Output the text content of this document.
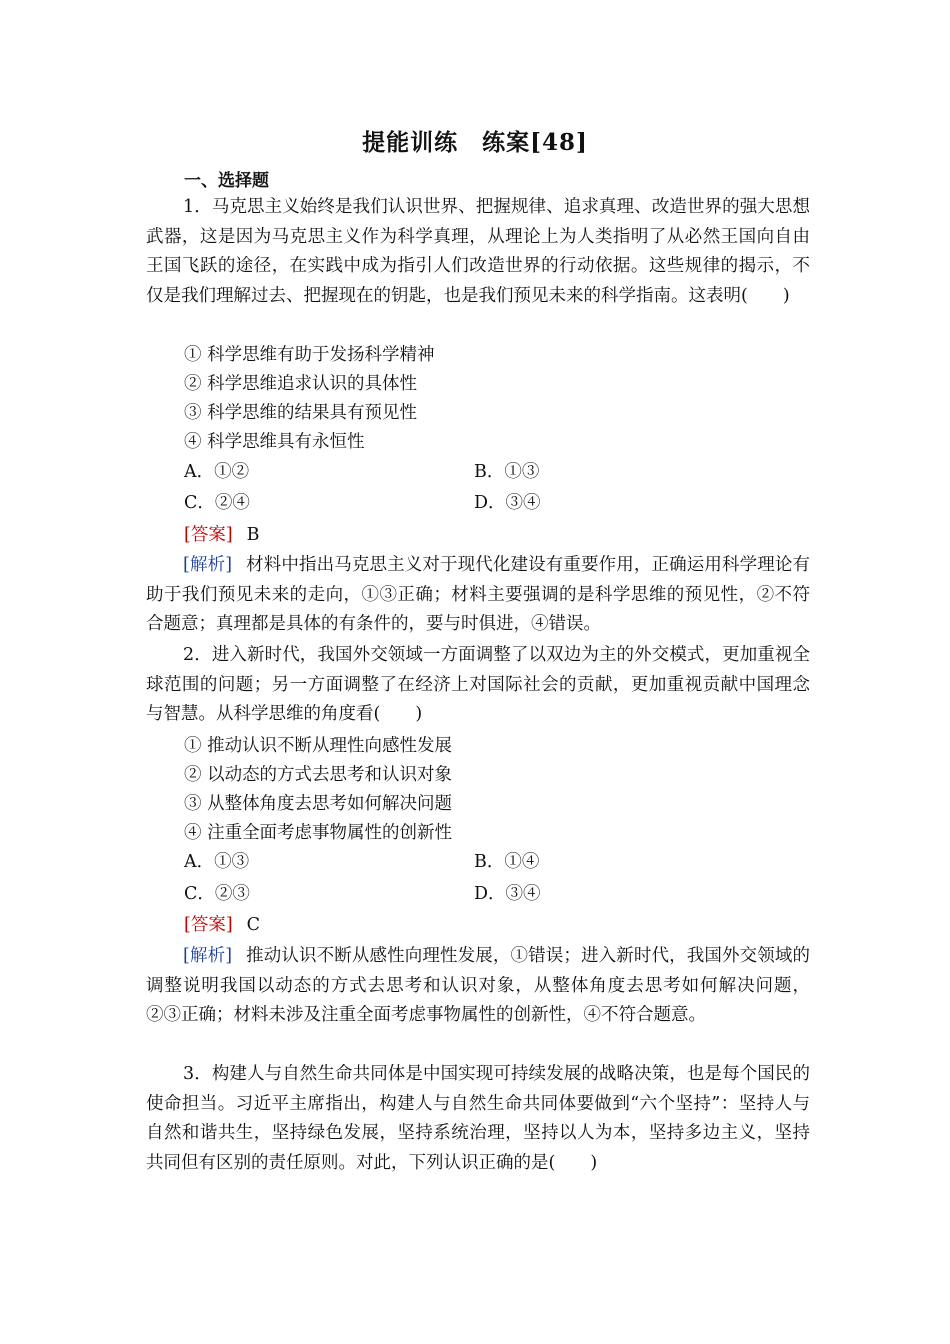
提能训练　练案[48]
一、选择题

1．马克思主义始终是我们认识世界、把握规律、追求真理、改造世界的强大思想武器，这是因为马克思主义作为科学真理，从理论上为人类指明了从必然王国向自由王国飞跃的途径，在实践中成为指引人们改造世界的行动依据。这些规律的揭示，不仅是我们理解过去、把握现在的钥匙，也是我们预见未来的科学指南。这表明(　　)

① 科学思维有助于发扬科学精神

② 科学思维追求认识的具体性

③ 科学思维的结果具有预见性

④ 科学思维具有永恒性

A．①②	B．①③
C．②④	D．③④
[答案] B

[解析] 材料中指出马克思主义对于现代化建设有重要作用，正确运用科学理论有助于我们预见未来的走向，①③正确；材料主要强调的是科学思维的预见性，②不符合题意；真理都是具体的有条件的，要与时俱进，④错误。

2．进入新时代，我国外交领域一方面调整了以双边为主的外交模式，更加重视全球范围的问题；另一方面调整了在经济上对国际社会的贡献，更加重视贡献中国理念与智慧。从科学思维的角度看(　　)

① 推动认识不断从理性向感性发展

② 以动态的方式去思考和认识对象

③ 从整体角度去思考如何解决问题

④ 注重全面考虑事物属性的创新性

A．①③	B．①④
C．②③	D．③④
[答案] C

[解析] 推动认识不断从感性向理性发展，①错误；进入新时代，我国外交领域的调整说明我国以动态的方式去思考和认识对象，从整体角度去思考如何解决问题，②③正确；材料未涉及注重全面考虑事物属性的创新性，④不符合题意。

3．构建人与自然生命共同体是中国实现可持续发展的战略决策，也是每个国民的使命担当。习近平主席指出，构建人与自然生命共同体要做到“六个坚持”：坚持人与自然和谐共生，坚持绿色发展，坚持系统治理，坚持以人为本，坚持多边主义，坚持共同但有区别的责任原则。对此，下列认识正确的是(　　)
